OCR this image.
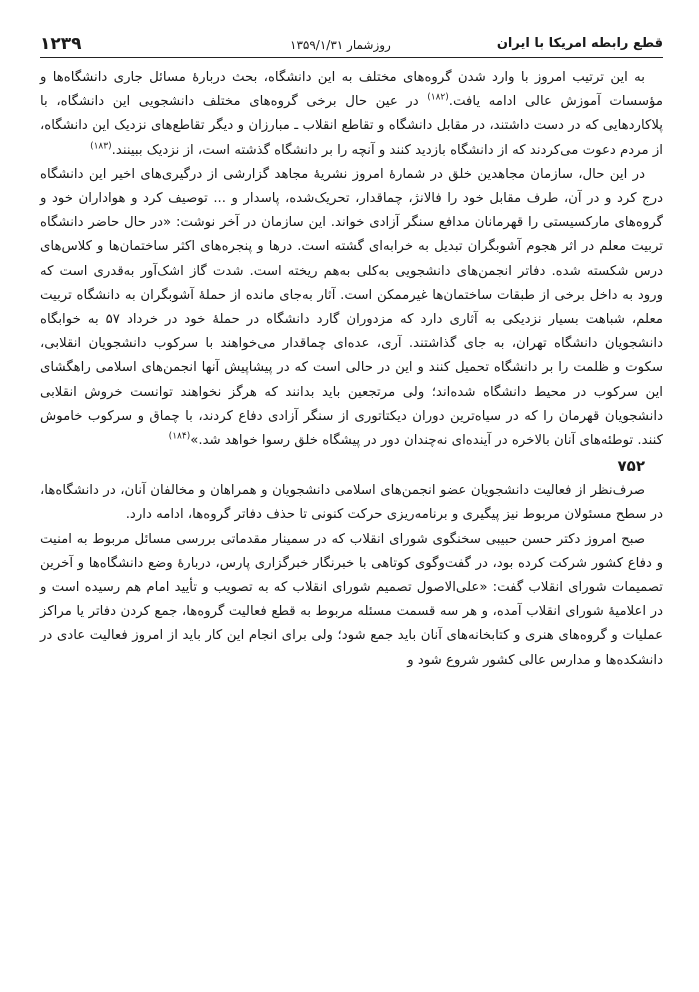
۱۲۳۹	روزشمار ۱۳۵۹/۱/۳۱	قطع رابطه امریکا با ایران

به این ترتیب امروز با وارد شدن گروه‌های مختلف به این دانشگاه، بحث دربارهٔ مسائل جاری دانشگاه‌ها و مؤسسات آموزش عالی ادامه یافت.$^{(۱۸۲)}$ در عین حال برخی گروه‌های مختلف دانشجویی این دانشگاه، با پلاکاردهایی که در دست داشتند، در مقابل دانشگاه و تقاطع انقلاب ـ مبارزان و دیگر تقاطع‌های نزدیک این دانشگاه، از مردم دعوت می‌کردند که از دانشگاه بازدید کنند و آنچه را بر دانشگاه گذشته است، از نزدیک ببینند.$^{(۱۸۳)}$

در این حال، سازمان مجاهدین خلق در شمارهٔ امروز نشریهٔ مجاهد گزارشی از درگیری‌های اخیر این دانشگاه درج کرد و در آن، طرف مقابل خود را فالانژ، چماقدار، تحریک‌شده، پاسدار و ... توصیف کرد و هواداران خود و گروه‌های مارکسیستی را قهرمانان مدافع سنگر آزادی خواند. این سازمان در آخر نوشت: «در حال حاضر دانشگاه تربیت معلم در اثر هجوم آشوبگران تبدیل به خرابه‌ای گشته است. درها و پنجره‌های اکثر ساختمان‌ها و کلاس‌های درس شکسته شده. دفاتر انجمن‌های دانشجویی به‌کلی به‌هم ریخته است. شدت گاز اشک‌آور به‌قدری است که ورود به داخل برخی از طبقات ساختمان‌ها غیرممکن است. آثار به‌جای مانده از حملهٔ آشوبگران به دانشگاه تربیت معلم، شباهت بسیار نزدیکی به آثاری دارد که مزدوران گارد دانشگاه در حملهٔ خود در خرداد ۵۷ به خوابگاه دانشجویان دانشگاه تهران، به جای گذاشتند. آری، عده‌ای چماقدار می‌خواهند با سرکوب دانشجویان انقلابی، سکوت و ظلمت را بر دانشگاه تحمیل کنند و این در حالی است که در پیشاپیش آنها انجمن‌های اسلامی راهگشای این سرکوب در محیط دانشگاه شده‌اند؛ ولی مرتجعین باید بدانند که هرگز نخواهند توانست خروش انقلابی دانشجویان قهرمان را که در سیاه‌ترین دوران دیکتاتوری از سنگر آزادی دفاع کردند، با چماق و سرکوب خاموش کنند. توطئه‌های آنان بالاخره در آینده‌ای نه‌چندان دور در پیشگاه خلق رسوا خواهد شد.»$^{(۱۸۴)}$

۷۵۲

صرف‌نظر از فعالیت دانشجویان عضو انجمن‌های اسلامی دانشجویان و همراهان و مخالفان آنان، در دانشگاه‌ها، در سطح مسئولان مربوط نیز پیگیری و برنامه‌ریزی حرکت کنونی تا حذف دفاتر گروه‌ها، ادامه دارد.

صبح امروز دکتر حسن حبیبی سخنگوی شورای انقلاب که در سمینار مقدماتی بررسی مسائل مربوط به امنیت و دفاع کشور شرکت کرده بود، در گفت‌وگوی کوتاهی با خبرنگار خبرگزاری پارس، دربارهٔ وضع دانشگاه‌ها و آخرین تصمیمات شورای انقلاب گفت: «علی‌الاصول تصمیم شورای انقلاب که به تصویب و تأیید امام هم رسیده است و در اعلامیهٔ شورای انقلاب آمده، و هر سه قسمت مسئله مربوط به قطع فعالیت گروه‌ها، جمع کردن دفاتر یا مراکز عملیات و گروه‌های هنری و کتابخانه‌های آنان باید جمع شود؛ ولی برای انجام این کار باید از امروز فعالیت عادی در دانشکده‌ها و مدارس عالی کشور شروع شود و
